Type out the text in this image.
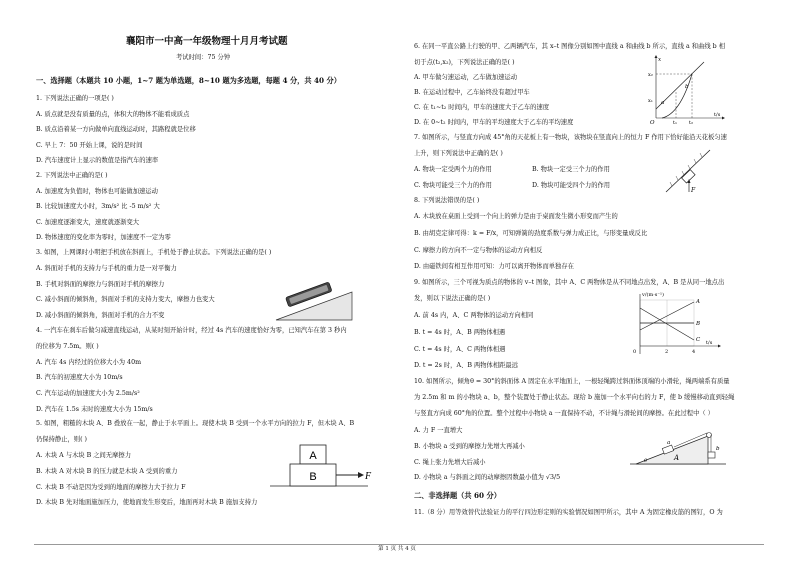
襄阳市一中高一年级物理十月月考试题
考试时间：75 分钟
一、选择题（本题共 10 小题，1~7 题为单选题，8~10 题为多选题，每题 4 分，共 40 分）
1. 下列说法正确的一项是( )
A. 质点就是没有质量的点，体积大的物体不能看成质点
B. 质点沿着某一方向做单向直线运动时，其路程就是位移
C. 早上 7：50 开始上课，说的是时间
D. 汽车速度计上显示的数值是指汽车的速率
2. 下列说法中正确的是( )
A. 加速度为负值时，物体也可能做加速运动
B. 比较加速度大小时，3m/s² 比 -5 m/s² 大
C. 加速度逐渐变大，速度就逐渐变大
D. 物体速度的变化率为零时，加速度不一定为零
3. 如图，上网课时小明把手机放在斜面上，手机处于静止状态。下列说法正确的是( )
A. 斜面对手机的支持力与手机的重力是一对平衡力
B. 手机对斜面的摩擦力与斜面对手机的摩擦力
C. 减小斜面的倾斜角，斜面对手机的支持力变大，摩擦力也变大
D. 减小斜面的倾斜角，斜面对手机的合力不变
4. 一汽车在刹车后做匀减速直线运动，从某时刻开始计时，经过 4s 汽车的速度恰好为零，已知汽车在第 3 秒内
的位移为 7.5m。则( )
A. 汽车 4s 内经过的位移大小为 40m
B. 汽车的初速度大小为 10m/s
C. 汽车运动的加速度大小为 2.5m/s²
D. 汽车在 1.5s 末时的速度大小为 15m/s
5. 如图，粗糙的木块 A、B 叠放在一起，静止于水平面上。现使木块 B 受到一个水平方向的拉力 F，但木块 A、B
仍保持静止，则( )
A. 木块 A 与木块 B 之间无摩擦力
B. 木块 A 对木块 B 的压力就是木块 A 受到的重力
C. 木块 B 不动是因为受到的地面的摩擦力大于拉力 F
D. 木块 B 先对地面施加压力，使地面发生形变后，地面再对木块 B 施加支持力
A
B	F
6. 在同一平直公路上行驶的甲、乙两辆汽车，其 x–t 图像分别如图中直线 a 和曲线 b 所示，直线 a 和曲线 b 相
切于点(t₂,x₂)，下列说法正确的是( )
A. 甲车做匀速运动，乙车做加速运动
B. 在运动过程中，乙车始终没有超过甲车
C. 在 t₁~t₂ 时间内，甲车的速度大于乙车的速度
D. 在 0~t₂ 时间内，甲车的平均速度大于乙车的平均速度
x
t/s
x₂
x₁
O	t₁ t₂
a
b
7. 如图所示，与竖直方向成 45°角的天花板上有一物块，该物块在竖直向上的恒力 F 作用下恰好能沿天花板匀速
上升，则下列说法中正确的是( )
A. 物块一定受两个力的作用	B. 物块一定受三个力的作用
C. 物块可能受三个力的作用	D. 物块可能受四个力的作用
F
8. 下列说法错误的是( )
A. 木块放在桌面上受到一个向上的弹力是由于桌面发生微小形变而产生的
B. 由胡克定律可得：k = F/x，可知弹簧的劲度系数与弹力成正比，与形变量成反比
C. 摩擦力的方向不一定与物体的运动方向相反
D. 由磁铁间有相互作用可知：力可以离开物体而单独存在
9. 如图所示，三个可视为质点的物体的 v–t 图象，其中 A、C 两物体是从不同地点出发，A、B 是从同一地点出
发，则以下说法正确的是( )
A. 前 4s 内，A、C 两物体的运动方向相同
B. t = 4s 时，A、B 两物体相遇
C. t = 4s 时，A、C 两物体相遇
D. t = 2s 时，A、B 两物体相距最远
v/(m·s⁻¹)
t/s
2	4
0
A
B
C
10. 如图所示，倾角θ = 30°的斜面体 A 固定在水平地面上，一根轻绳跨过斜面体顶端的小滑轮，绳两端系有质量
为 2.5m 和 m 的小物块 a、b，整个装置处于静止状态。现给 b 施加一个水平向右的力 F，使 b 缓慢移动直到轻绳
与竖直方向成 60°角的位置。整个过程中小物块 a 一直保持不动，不计绳与滑轮间的摩擦。在此过程中（ ）
A. 力 F 一直增大
B. 小物块 a 受到的摩擦力先增大再减小
C. 绳上张力先增大后减小
D. 小物块 a 与斜面之间的动摩擦因数最小值为 √3/5
a
b
A
θ
二、非选择题（共 60 分）
11.（8 分）用等效替代法验证力的平行四边形定则的实验情况如图甲所示，其中 A 为固定橡皮筋的图钉，O 为
第 1 页 共 4 页
